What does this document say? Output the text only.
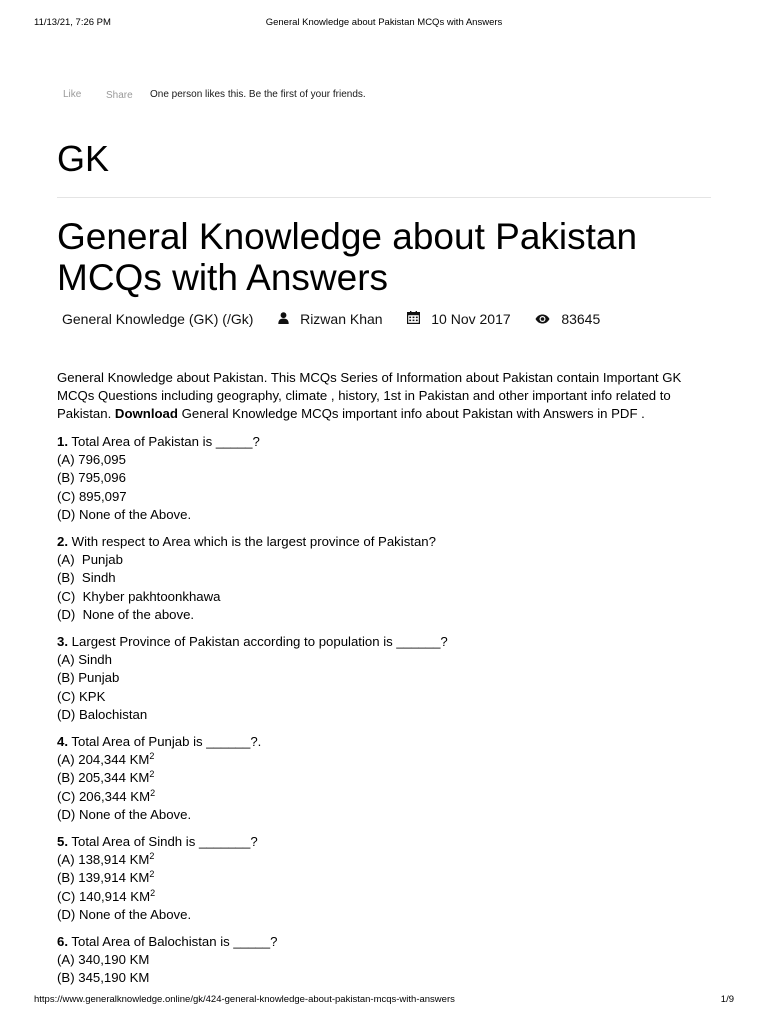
11/13/21, 7:26 PM	General Knowledge about Pakistan MCQs with Answers
Like Share One person likes this. Be the first of your friends.
GK
General Knowledge about Pakistan MCQs with Answers
General Knowledge (GK) (/Gk)	Rizwan Khan	10 Nov 2017	83645
General Knowledge about Pakistan. This MCQs Series of Information about Pakistan contain Important GK MCQs Questions including geography, climate , history, 1st in Pakistan and other important info related to Pakistan. Download General Knowledge MCQs important info about Pakistan with Answers in PDF .

1. Total Area of Pakistan is _____?

(A) 796,095

(B) 795,096

(C) 895,097

(D) None of the Above.

2. With respect to Area which is the largest province of Pakistan?

(A)  Punjab

(B)  Sindh

(C)  Khyber pakhtoonkhawa

(D)  None of the above.

3. Largest Province of Pakistan according to population is ______?

(A) Sindh

(B) Punjab

(C) KPK

(D) Balochistan

4. Total Area of Punjab is ______?.

(A) 204,344 $KM^2$

(B) 205,344 $KM^2$

(C) 206,344 $KM^2$

(D) None of the Above.

5. Total Area of Sindh is _______?

(A) 138,914 $KM^2$

(B) 139,914 $KM^2$

(C) 140,914 $KM^2$

(D) None of the Above.

6. Total Area of Balochistan is _____?

(A) 340,190 KM

(B) 345,190 KM

https://www.generalknowledge.online/gk/424-general-knowledge-about-pakistan-mcqs-with-answers	1/9
